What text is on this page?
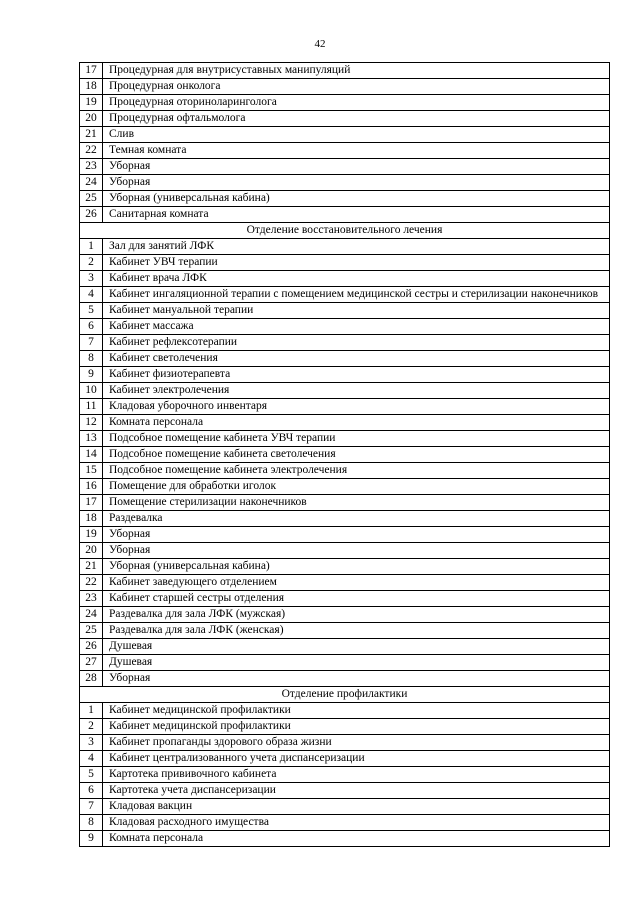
42
17	Процедурная для внутрисуставных манипуляций
18	Процедурная онколога
19	Процедурная оториноларинголога
20	Процедурная офтальмолога
21	Слив
22	Темная комната
23	Уборная
24	Уборная
25	Уборная (универсальная кабина)
26	Санитарная комната
Отделение восстановительного лечения	
1	Зал для занятий ЛФК
2	Кабинет УВЧ терапии
3	Кабинет врача ЛФК
4	Кабинет ингаляционной терапии с помещением медицинской сестры и стерилизации наконечников
5	Кабинет мануальной терапии
6	Кабинет массажа
7	Кабинет рефлексотерапии
8	Кабинет светолечения
9	Кабинет физиотерапевта
10	Кабинет электролечения
11	Кладовая уборочного инвентаря
12	Комната персонала
13	Подсобное помещение кабинета УВЧ терапии
14	Подсобное помещение кабинета светолечения
15	Подсобное помещение кабинета электролечения
16	Помещение для обработки иголок
17	Помещение стерилизации наконечников
18	Раздевалка
19	Уборная
20	Уборная
21	Уборная (универсальная кабина)
22	Кабинет заведующего отделением
23	Кабинет старшей сестры отделения
24	Раздевалка для зала ЛФК (мужская)
25	Раздевалка для зала ЛФК (женская)
26	Душевая
27	Душевая
28	Уборная
Отделение профилактики	
1	Кабинет медицинской профилактики
2	Кабинет медицинской профилактики
3	Кабинет пропаганды здорового образа жизни
4	Кабинет централизованного учета диспансеризации
5	Картотека прививочного кабинета
6	Картотека учета диспансеризации
7	Кладовая вакцин
8	Кладовая расходного имущества
9	Комната персонала
